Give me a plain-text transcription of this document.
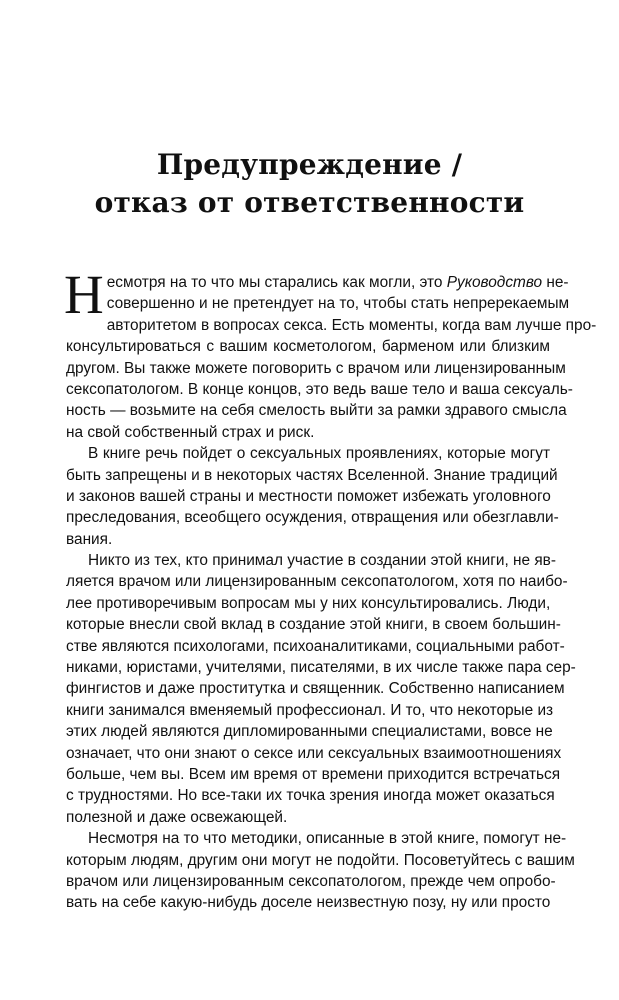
Предупреждение /
отказ от ответственности
Н есмотря на то что мы старались как могли, это Руководство не-
совершенно и не претендует на то, чтобы стать непререкаемым
авторитетом в вопросах секса. Есть моменты, когда вам лучше про-
консультироваться с вашим косметологом, барменом или близким
другом. Вы также можете поговорить с врачом или лицензированным
сексопатологом. В конце концов, это ведь ваше тело и ваша сексуаль-
ность — возьмите на себя смелость выйти за рамки здравого смысла
на свой собственный страх и риск.
В книге речь пойдет о сексуальных проявлениях, которые могут
быть запрещены и в некоторых частях Вселенной. Знание традиций
и законов вашей страны и местности поможет избежать уголовного
преследования, всеобщего осуждения, отвращения или обезглавли-
вания.
Никто из тех, кто принимал участие в создании этой книги, не яв-
ляется врачом или лицензированным сексопатологом, хотя по наибо-
лее противоречивым вопросам мы у них консультировались. Люди,
которые внесли свой вклад в создание этой книги, в своем большин-
стве являются психологами, психоаналитиками, социальными работ-
никами, юристами, учителями, писателями, в их числе также пара сер-
фингистов и даже проститутка и священник. Собственно написанием
книги занимался вменяемый профессионал. И то, что некоторые из
этих людей являются дипломированными специалистами, вовсе не
означает, что они знают о сексе или сексуальных взаимоотношениях
больше, чем вы. Всем им время от времени приходится встречаться
с трудностями. Но все-таки их точка зрения иногда может оказаться
полезной и даже освежающей.
Несмотря на то что методики, описанные в этой книге, помогут не-
которым людям, другим они могут не подойти. Посоветуйтесь с вашим
врачом или лицензированным сексопатологом, прежде чем опробо-
вать на себе какую-нибудь доселе неизвестную позу, ну или просто
